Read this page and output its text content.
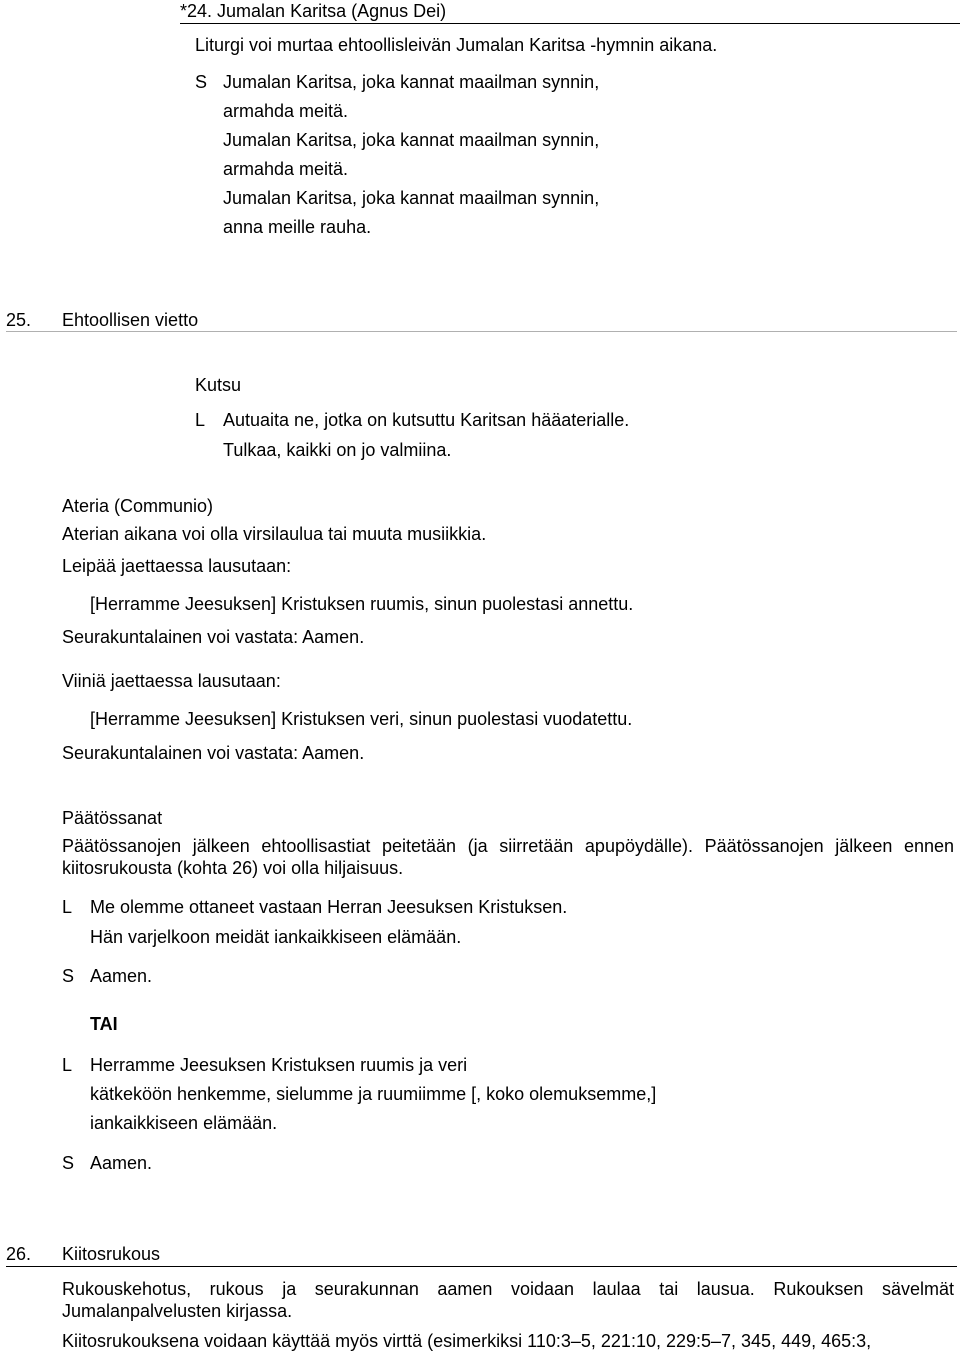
*24. Jumalan Karitsa (Agnus Dei)
Liturgi voi murtaa ehtoollisleivän Jumalan Karitsa -hymnin aikana.
S Jumalan Karitsa, joka kannat maailman synnin,
armahda meitä.
Jumalan Karitsa, joka kannat maailman synnin,
armahda meitä.
Jumalan Karitsa, joka kannat maailman synnin,
anna meille rauha.
25. Ehtoollisen vietto
Kutsu
L Autuaita ne, jotka on kutsuttu Karitsan hääaterialle.
Tulkaa, kaikki on jo valmiina.
Ateria (Communio)
Aterian aikana voi olla virsilaulua tai muuta musiikkia.
Leipää jaettaessa lausutaan:
[Herramme Jeesuksen] Kristuksen ruumis, sinun puolestasi annettu.
Seurakuntalainen voi vastata: Aamen.
Viiniä jaettaessa lausutaan:
[Herramme Jeesuksen] Kristuksen veri, sinun puolestasi vuodatettu.
Seurakuntalainen voi vastata: Aamen.
Päätössanat
Päätössanojen jälkeen ehtoollisastiat peitetään (ja siirretään apupöydälle). Päätössanojen jälkeen ennen kiitosrukousta (kohta 26) voi olla hiljaisuus.
L Me olemme ottaneet vastaan Herran Jeesuksen Kristuksen.
Hän varjelkoon meidät iankaikkiseen elämään.
S Aamen.
TAI
L Herramme Jeesuksen Kristuksen ruumis ja veri
kätkeköön henkemme, sielumme ja ruumiimme [, koko olemuksemme,]
iankaikkiseen elämään.
S Aamen.
26. Kiitosrukous
Rukouskehotus, rukous ja seurakunnan aamen voidaan laulaa tai lausua. Rukouksen sävelmät Jumalanpalvelusten kirjassa.
Kiitosrukouksena voidaan käyttää myös virttä (esimerkiksi 110:3–5, 221:10, 229:5–7, 345, 449, 465:3,
